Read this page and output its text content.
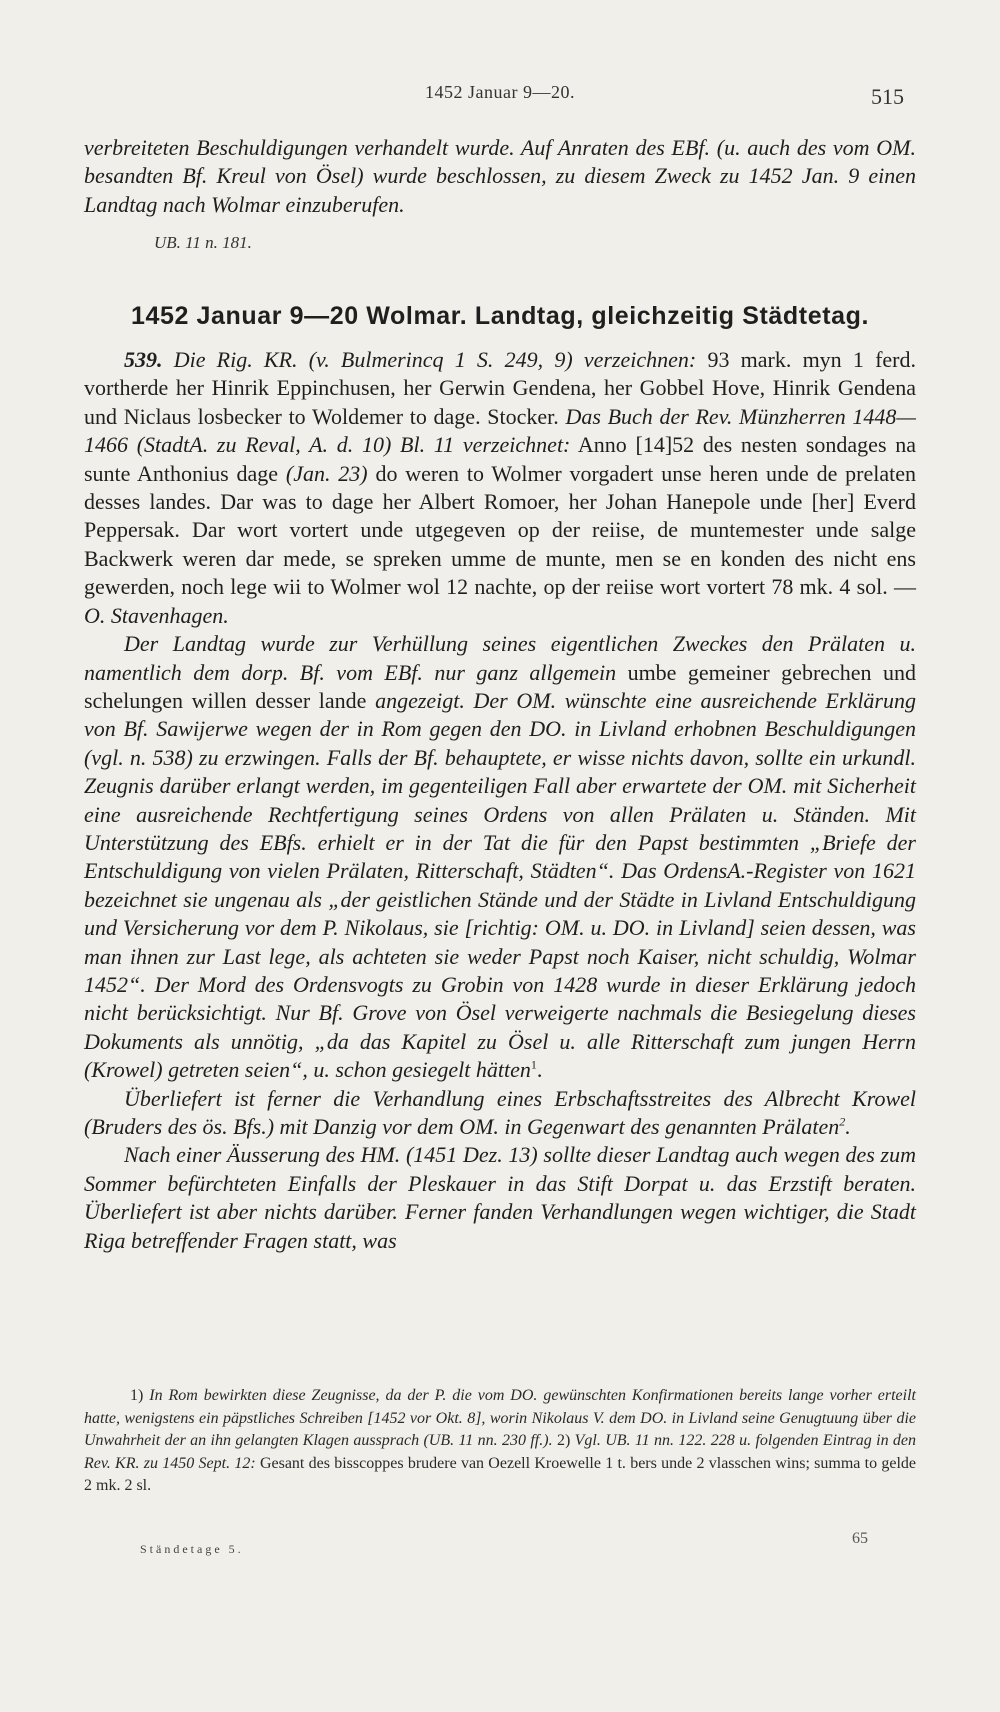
1452 Januar 9—20.	515

verbreiteten Beschuldigungen verhandelt wurde. Auf Anraten des EBf. (u. auch des vom OM. besandten Bf. Kreul von Ösel) wurde beschlossen, zu diesem Zweck zu 1452 Jan. 9 einen Landtag nach Wolmar einzuberufen.

UB. 11 n. 181.

1452 Januar 9—20 Wolmar. Landtag, gleichzeitig Städtetag.

539. Die Rig. KR. (v. Bulmerincq 1 S. 249, 9) verzeichnen: 93 mark. myn 1 ferd. vortherde her Hinrik Eppinchusen, her Gerwin Gendena, her Gobbel Hove, Hinrik Gendena und Niclaus losbecker to Woldemer to dage. Stocker. Das Buch der Rev. Münzherren 1448—1466 (StadtA. zu Reval, A. d. 10) Bl. 11 verzeichnet: Anno [14]52 des nesten sondages na sunte Anthonius dage (Jan. 23) do weren to Wolmer vorgadert unse heren unde de prelaten desses landes. Dar was to dage her Albert Romoer, her Johan Hanepole unde [her] Everd Peppersak. Dar wort vortert unde utgegeven op der reiise, de muntemester unde salge Backwerk weren dar mede, se spreken umme de munte, men se en konden des nicht ens gewerden, noch lege wii to Wolmer wol 12 nachte, op der reiise wort vortert 78 mk. 4 sol. — O. Stavenhagen.

Der Landtag wurde zur Verhüllung seines eigentlichen Zweckes den Prälaten u. namentlich dem dorp. Bf. vom EBf. nur ganz allgemein umbe gemeiner gebrechen und schelungen willen desser lande angezeigt. Der OM. wünschte eine ausreichende Erklärung von Bf. Sawijerwe wegen der in Rom gegen den DO. in Livland erhobnen Beschuldigungen (vgl. n. 538) zu erzwingen. Falls der Bf. behauptete, er wisse nichts davon, sollte ein urkundl. Zeugnis darüber erlangt werden, im gegenteiligen Fall aber erwartete der OM. mit Sicherheit eine ausreichende Rechtfertigung seines Ordens von allen Prälaten u. Ständen. Mit Unterstützung des EBfs. erhielt er in der Tat die für den Papst bestimmten „Briefe der Entschuldigung von vielen Prälaten, Ritterschaft, Städten“. Das OrdensA.-Register von 1621 bezeichnet sie ungenau als „der geistlichen Stände und der Städte in Livland Entschuldigung und Versicherung vor dem P. Nikolaus, sie [richtig: OM. u. DO. in Livland] seien dessen, was man ihnen zur Last lege, als achteten sie weder Papst noch Kaiser, nicht schuldig, Wolmar 1452“. Der Mord des Ordensvogts zu Grobin von 1428 wurde in dieser Erklärung jedoch nicht berücksichtigt. Nur Bf. Grove von Ösel verweigerte nachmals die Besiegelung dieses Dokuments als unnötig, „da das Kapitel zu Ösel u. alle Ritterschaft zum jungen Herrn (Krowel) getreten seien“, u. schon gesiegelt hätten$^1$.

Überliefert ist ferner die Verhandlung eines Erbschaftsstreites des Albrecht Krowel (Bruders des ös. Bfs.) mit Danzig vor dem OM. in Gegenwart des genannten Prälaten$^2$.

Nach einer Äusserung des HM. (1451 Dez. 13) sollte dieser Landtag auch wegen des zum Sommer befürchteten Einfalls der Pleskauer in das Stift Dorpat u. das Erzstift beraten. Überliefert ist aber nichts darüber. Ferner fanden Verhandlungen wegen wichtiger, die Stadt Riga betreffender Fragen statt, was

1) In Rom bewirkten diese Zeugnisse, da der P. die vom DO. gewünschten Konfirmationen bereits lange vorher erteilt hatte, wenigstens ein päpstliches Schreiben [1452 vor Okt. 8], worin Nikolaus V. dem DO. in Livland seine Genugtuung über die Unwahrheit der an ihn gelangten Klagen aussprach (UB. 11 nn. 230 ff.). 2) Vgl. UB. 11 nn. 122. 228 u. folgenden Eintrag in den Rev. KR. zu 1450 Sept. 12: Gesant des bisscoppes brudere van Oezell Kroewelle 1 t. bers unde 2 vlasschen wins; summa to gelde 2 mk. 2 sl.

Ständetage 5.
65
